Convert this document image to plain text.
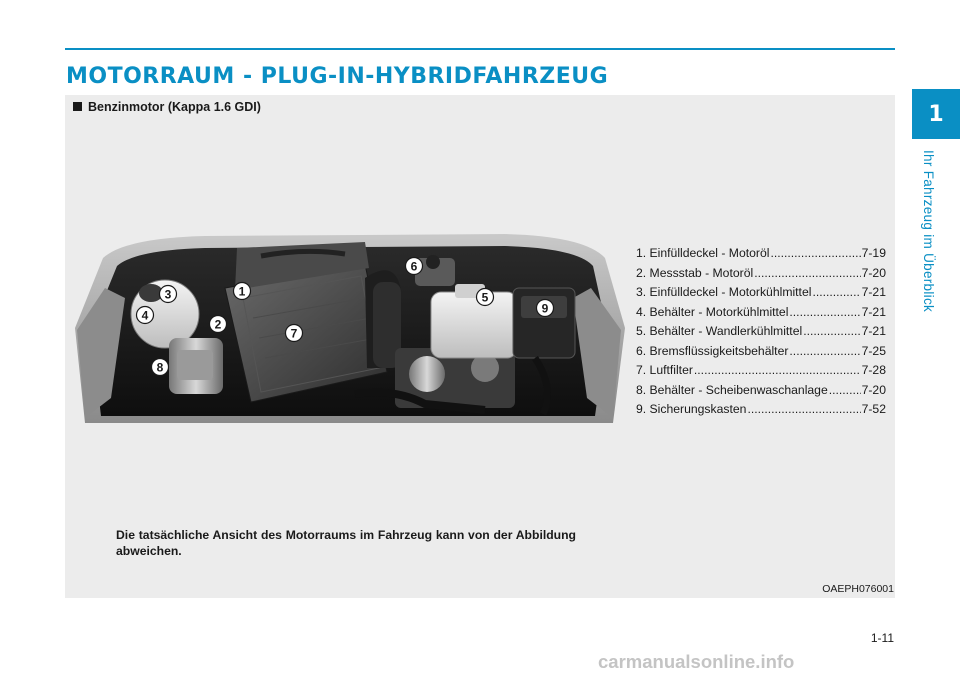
MOTORRAUM - PLUG-IN-HYBRIDFAHRZEUG
1
Ihr Fahrzeug im Überblick
Benzinmotor (Kappa 1.6 GDI)
1
2
3
4
5
6
7
8
9
1. Einfülldeckel - Motoröl .....	7-19
2. Messstab - Motoröl .....	7-20
3. Einfülldeckel - Motorkühlmittel .....	7-21
4. Behälter - Motorkühlmittel .....	7-21
5. Behälter - Wandlerkühlmittel .....	7-21
6. Bremsflüssigkeitsbehälter .....	7-25
7. Luftfilter .....	7-28
8. Behälter - Scheibenwaschanlage .....	7-20
9. Sicherungskasten .....	7-52

Die tatsächliche Ansicht des Motorraums im Fahrzeug kann von der Abbildung abweichen.

OAEPH076001
1-11
carmanualsonline.info
